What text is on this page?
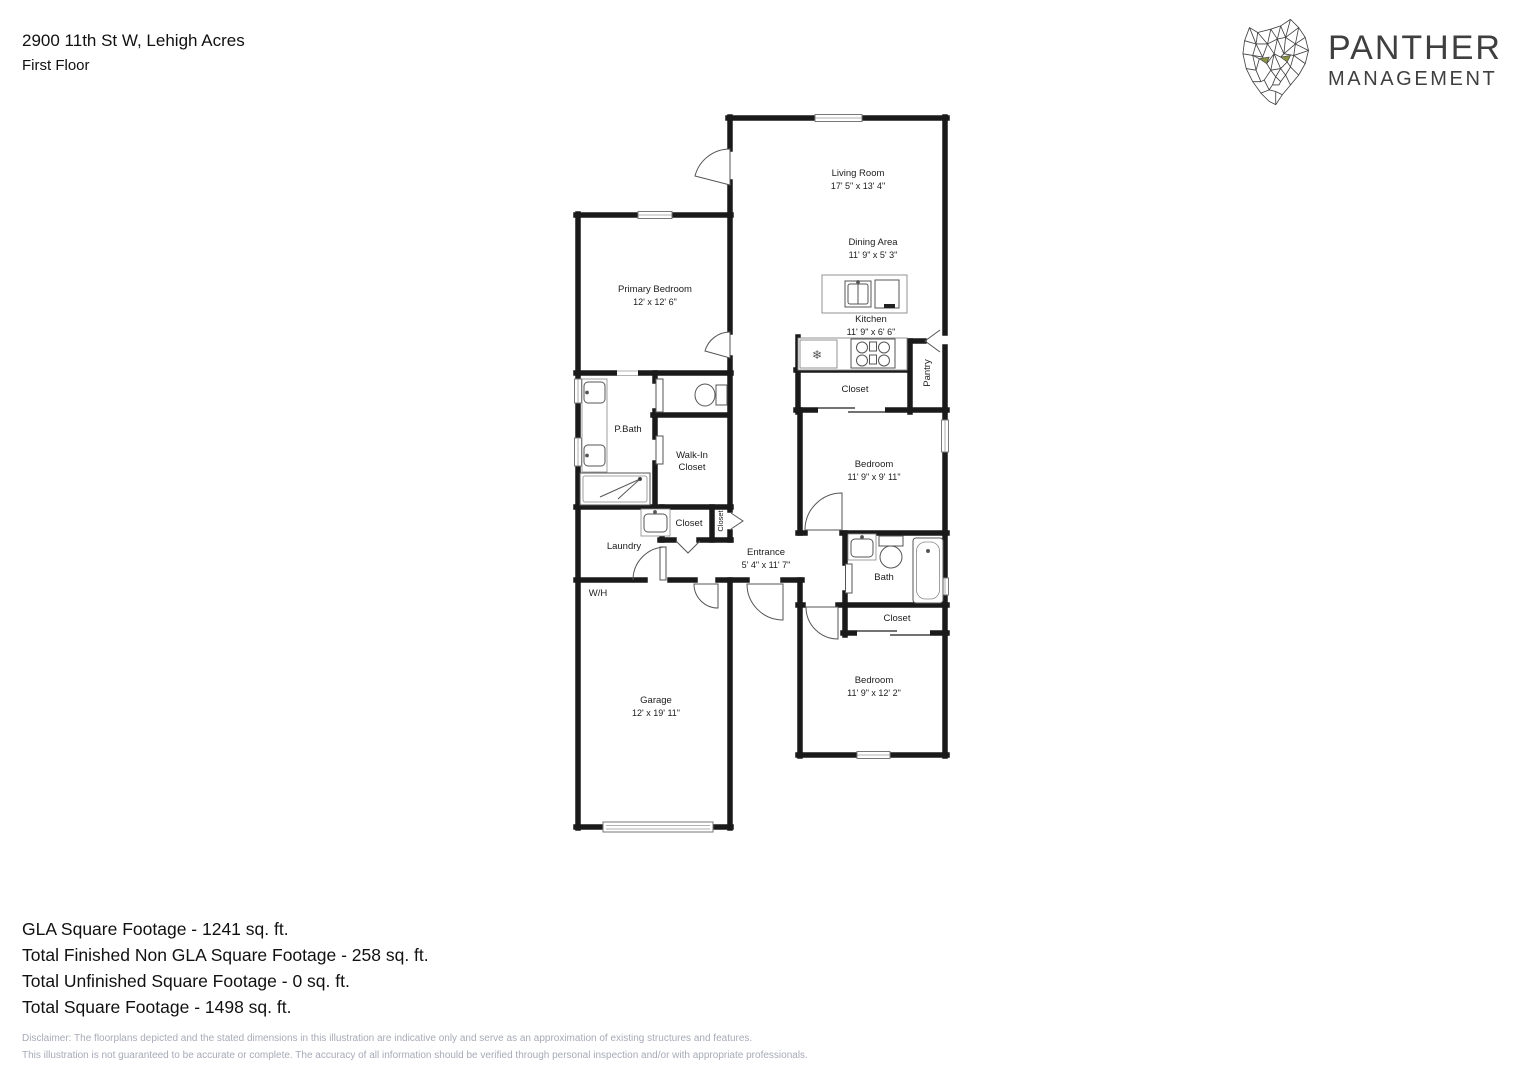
2900 11th St W, Lehigh Acres
First Floor	PANTHER
MANAGEMENT
❄
Living Room
17' 5" x 13' 4"
Dining Area
11' 9" x 5' 3"
Kitchen
11' 9" x 6' 6"
Pantry
Closet
Primary Bedroom
12' x 12' 6"
P.Bath
Walk-In Closet
Laundry
Closet Closet
Entrance
5' 4" x 11' 7"
Bedroom
11' 9" x 9' 11"
Bath
Closet
Bedroom
11' 9" x 12' 2"
Garage
12' x 19' 11"
W/H
GLA Square Footage - 1241 sq. ft.
Total Finished Non GLA Square Footage - 258 sq. ft.
Total Unfinished Square Footage - 0 sq. ft.
Total Square Footage - 1498 sq. ft.
Disclaimer: The floorplans depicted and the stated dimensions in this illustration are indicative only and serve as an approximation of existing structures and features.
This illustration is not guaranteed to be accurate or complete. The accuracy of all information should be verified through personal inspection and/or with appropriate professionals.
